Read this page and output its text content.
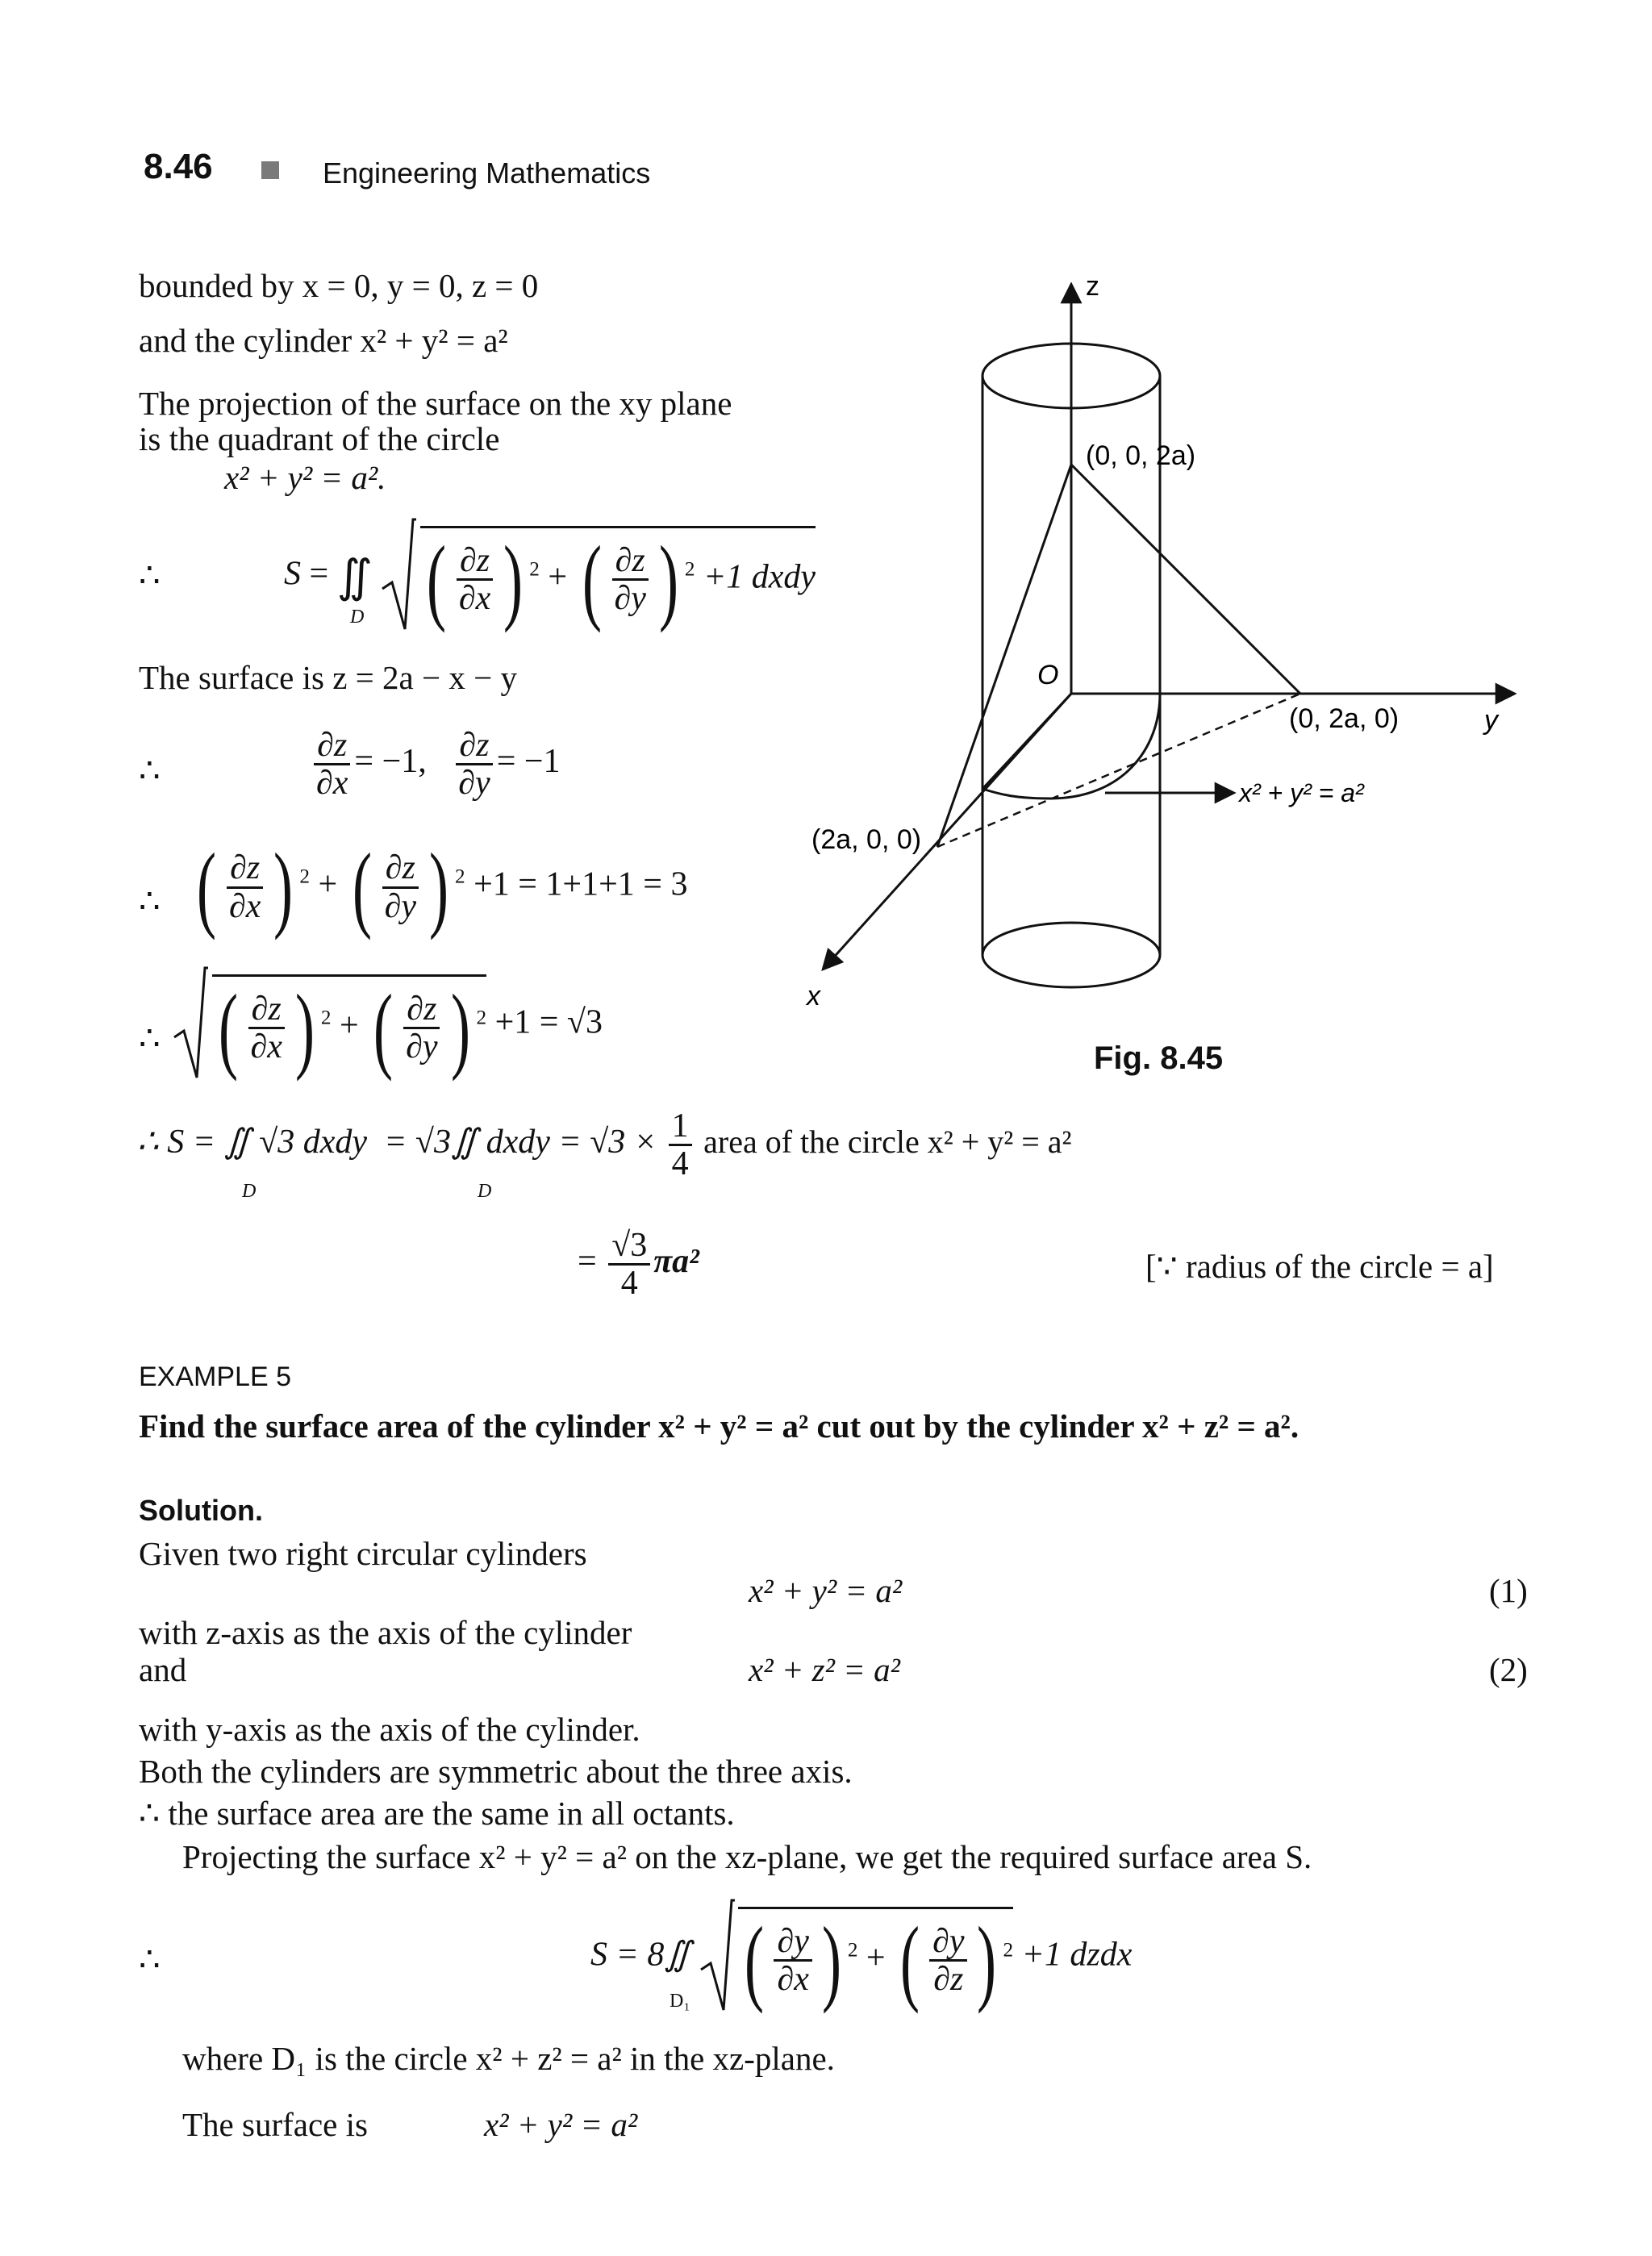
8.46	Engineering Mathematics
bounded by x = 0, y = 0, z = 0
and the cylinder x² + y² = a²
The projection of the surface on the xy plane
is the quadrant of the circle
x² + y² = a².
∴	S = ∬ ( $\frac{\partial z}{\partial x}$ ) $^2$ + ( $\frac{\partial z}{\partial y}$ ) $^2$ +1 dxdy
D
The surface is z = 2a − x − y
∴	$\frac{\partial z}{\partial x} = -1$, $\frac{\partial z}{\partial y} = -1$
∴ ( $\frac{\partial z}{\partial x}$ ) $^2$ + ( $\frac{\partial z}{\partial y}$ ) $^2$ +1 = 1+1+1 = 3
∴
( $\frac{\partial z}{\partial x}$ ) $^2$ + ( $\frac{\partial z}{\partial y}$ ) $^2$ +1 = √3
∴ S = ∬ √3 dxdy = √3∬ dxdy = $√3 \times \frac{1}{4}$ area of the circle x² + y² = a²
D	D
= $\frac{√3}{4} \pi a^2$	[∵ radius of the circle = a]
z
(0, 0, 2a)
O
(0, 2a, 0)	y
x² + y² = a²
(2a, 0, 0)
x
Fig. 8.45
EXAMPLE 5
Find the surface area of the cylinder x² + y² = a² cut out by the cylinder x² + z² = a².
Solution.
Given two right circular cylinders
x² + y² = a²	(1)
with z-axis as the axis of the cylinder
and	x² + z² = a²	(2)
with y-axis as the axis of the cylinder.
Both the cylinders are symmetric about the three axis.
∴ the surface area are the same in all octants.
Projecting the surface x² + y² = a² on the xz-plane, we get the required surface area S.
∴	S = 8∬ ( $\frac{\partial y}{\partial x}$ ) $^2$ + ( $\frac{\partial y}{\partial z}$ ) $^2$ +1 dzdx
D₁
where D₁ is the circle x² + z² = a² in the xz-plane.
The surface is	x² + y² = a²
